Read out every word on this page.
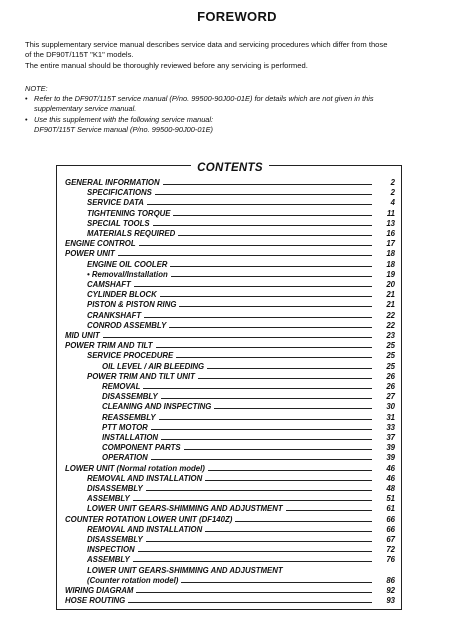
FOREWORD
This supplementary service manual describes service data and servicing procedures which differ from those
of the DF90T/115T "K1" models.
The entire manual should be thoroughly reviewed before any servicing is performed.
NOTE:
• Refer to the DF90T/115T service manual (P/no. 99500-90J00-01E) for details which are not given in this
supplementary service manual.
• Use this supplement with the following service manual:
DF90T/115T Service manual (P/no. 99500-90J00-01E)
CONTENTS
GENERAL INFORMATION	2
SPECIFICATIONS	2
SERVICE DATA	4
TIGHTENING TORQUE	11
SPECIAL TOOLS	13
MATERIALS REQUIRED	16
ENGINE CONTROL	17
POWER UNIT	18
ENGINE OIL COOLER	18
• Removal/Installation	19
CAMSHAFT	20
CYLINDER BLOCK	21
PISTON & PISTON RING	21
CRANKSHAFT	22
CONROD ASSEMBLY	22
MID UNIT	23
POWER TRIM AND TILT	25
SERVICE PROCEDURE	25
OIL LEVEL / AIR BLEEDING	25
POWER TRIM AND TILT UNIT	26
REMOVAL	26
DISASSEMBLY	27
CLEANING AND INSPECTING	30
REASSEMBLY	31
PTT MOTOR	33
INSTALLATION	37
COMPONENT PARTS	39
OPERATION	39
LOWER UNIT (Normal rotation model)	46
REMOVAL AND INSTALLATION	46
DISASSEMBLY	48
ASSEMBLY	51
LOWER UNIT GEARS-SHIMMING AND ADJUSTMENT	61
COUNTER ROTATION LOWER UNIT (DF140Z)	66
REMOVAL AND INSTALLATION	66
DISASSEMBLY	67
INSPECTION	72
ASSEMBLY	76
LOWER UNIT GEARS-SHIMMING AND ADJUSTMENT
(Counter rotation model)	86
WIRING DIAGRAM	92
HOSE ROUTING	93
